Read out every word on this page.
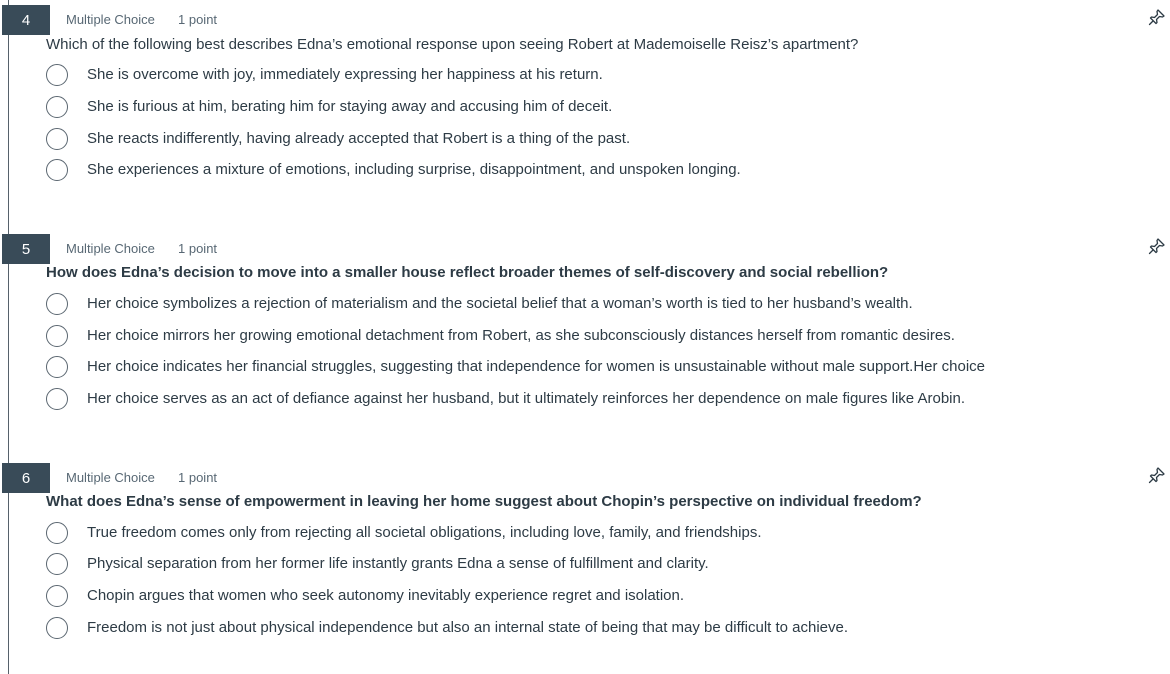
4	Multiple Choice 1 point
Which of the following best describes Edna’s emotional response upon seeing Robert at Mademoiselle Reisz’s apartment?
She is overcome with joy, immediately expressing her happiness at his return.
She is furious at him, berating him for staying away and accusing him of deceit.
She reacts indifferently, having already accepted that Robert is a thing of the past.
She experiences a mixture of emotions, including surprise, disappointment, and unspoken longing.
5	Multiple Choice 1 point
How does Edna’s decision to move into a smaller house reflect broader themes of self-discovery and social rebellion?
Her choice symbolizes a rejection of materialism and the societal belief that a woman’s worth is tied to her husband’s wealth.
Her choice mirrors her growing emotional detachment from Robert, as she subconsciously distances herself from romantic desires.
Her choice indicates her financial struggles, suggesting that independence for women is unsustainable without male support.Her choice
Her choice serves as an act of defiance against her husband, but it ultimately reinforces her dependence on male figures like Arobin.
6	Multiple Choice 1 point
What does Edna’s sense of empowerment in leaving her home suggest about Chopin’s perspective on individual freedom?
True freedom comes only from rejecting all societal obligations, including love, family, and friendships.
Physical separation from her former life instantly grants Edna a sense of fulfillment and clarity.
Chopin argues that women who seek autonomy inevitably experience regret and isolation.
Freedom is not just about physical independence but also an internal state of being that may be difficult to achieve.
